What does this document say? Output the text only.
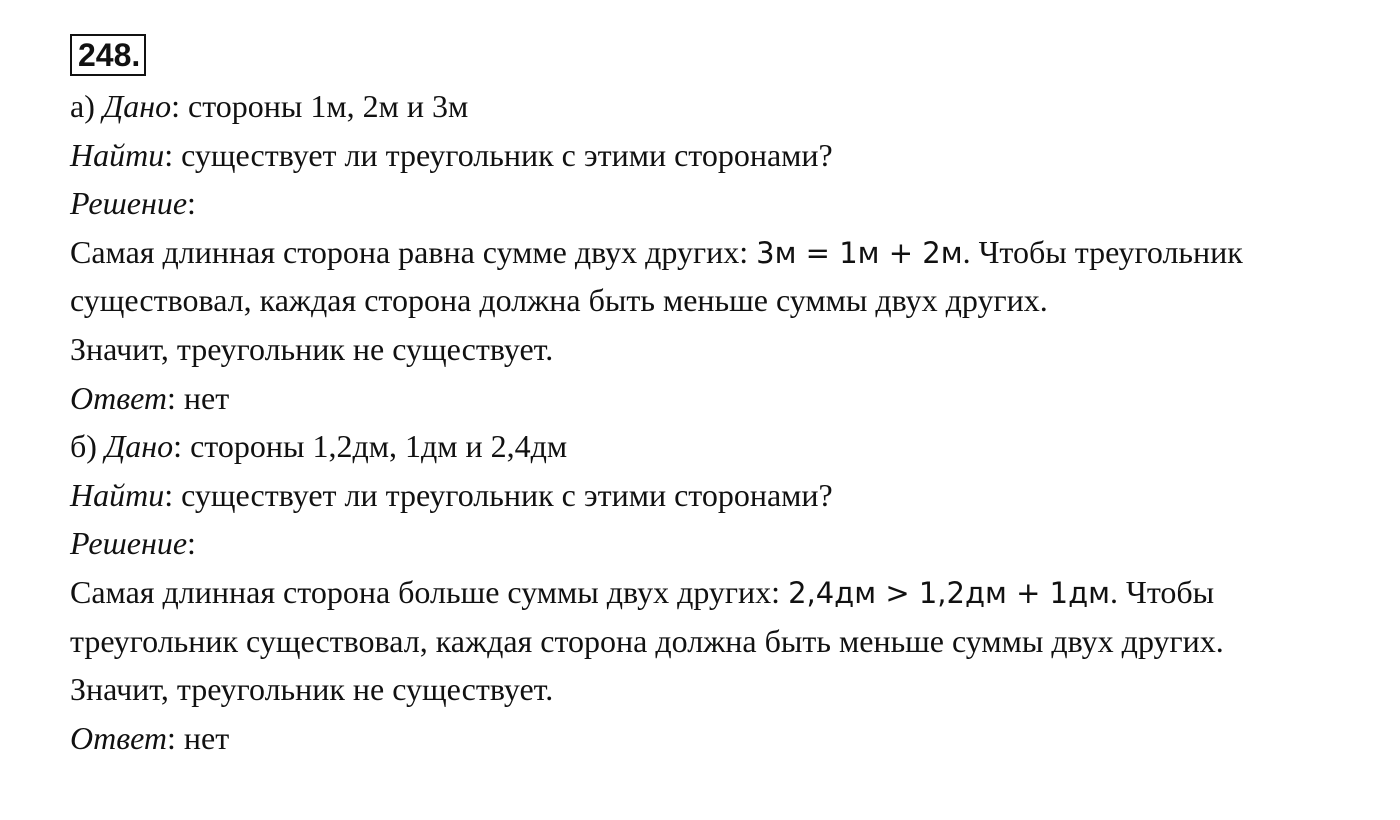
248.
а) Дано: стороны 1м, 2м и 3м
Найти: существует ли треугольник с этими сторонами?
Решение:
Самая длинная сторона равна сумме двух других: 3м = 1м + 2м. Чтобы треугольник
существовал, каждая сторона должна быть меньше суммы двух других.
Значит, треугольник не существует.
Ответ: нет
б) Дано: стороны 1,2дм, 1дм и 2,4дм
Найти: существует ли треугольник с этими сторонами?
Решение:
Самая длинная сторона больше суммы двух других: 2,4дм > 1,2дм + 1дм. Чтобы
треугольник существовал, каждая сторона должна быть меньше суммы двух других.
Значит, треугольник не существует.
Ответ: нет
